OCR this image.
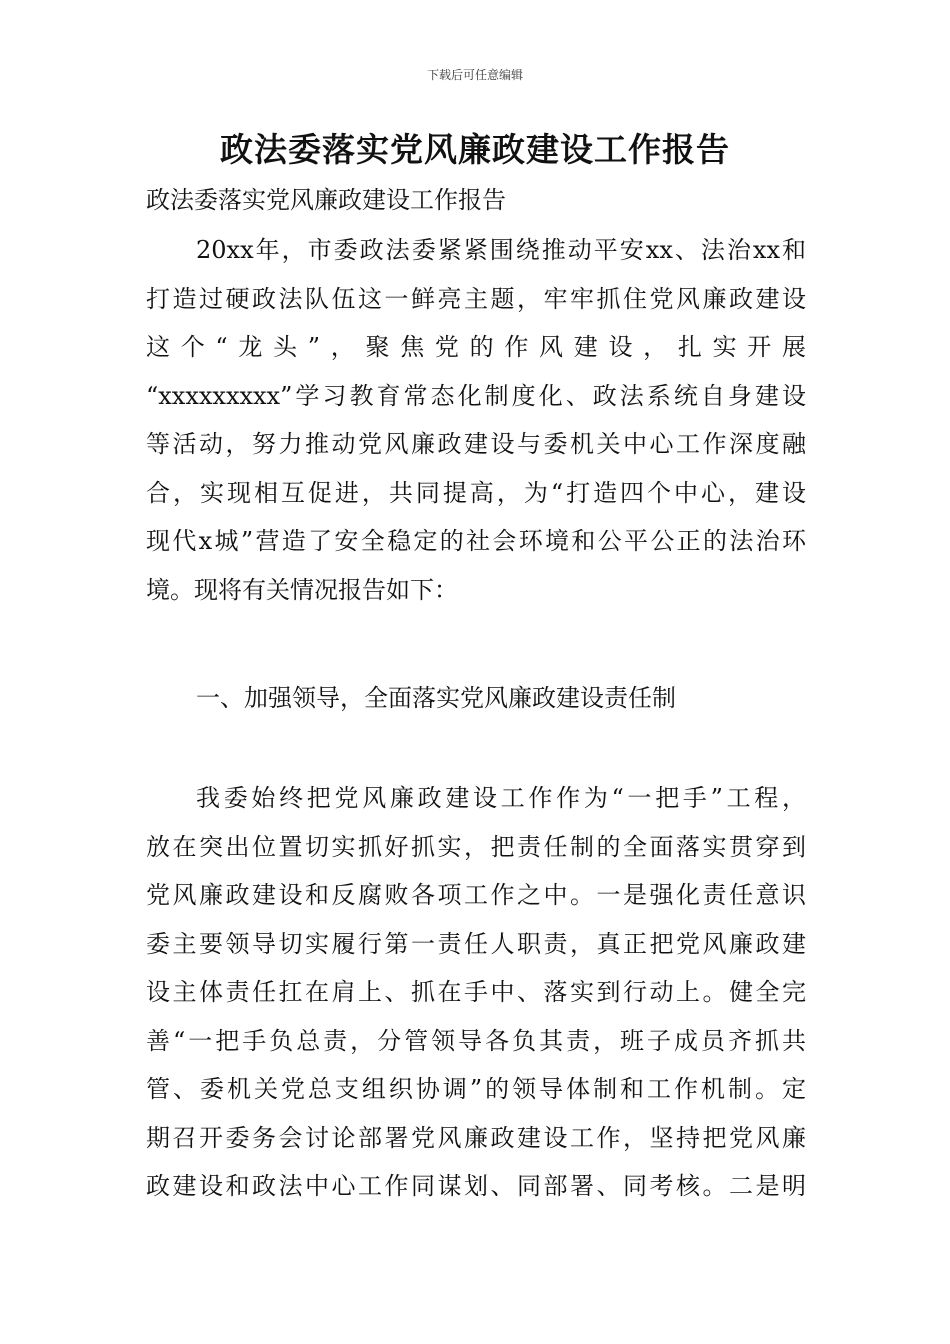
下载后可任意编辑
政法委落实党风廉政建设工作报告
政法委落实党风廉政建设工作报告
20xx年，市委政法委紧紧围绕推动平安xx、法治xx和
打造过硬政法队伍这一鲜亮主题，牢牢抓住党风廉政建设
这个“龙头”，聚焦党的作风建设，扎实开展
“xxxxxxxxx”学习教育常态化制度化、政法系统自身建设
等活动，努力推动党风廉政建设与委机关中心工作深度融
合，实现相互促进，共同提高，为“打造四个中心，建设
现代x城”营造了安全稳定的社会环境和公平公正的法治环
境。现将有关情况报告如下：
一、加强领导，全面落实党风廉政建设责任制
我委始终把党风廉政建设工作作为“一把手”工程，
放在突出位置切实抓好抓实，把责任制的全面落实贯穿到
党风廉政建设和反腐败各项工作之中。一是强化责任意识
委主要领导切实履行第一责任人职责，真正把党风廉政建
设主体责任扛在肩上、抓在手中、落实到行动上。健全完
善“一把手负总责，分管领导各负其责，班子成员齐抓共
管、委机关党总支组织协调”的领导体制和工作机制。定
期召开委务会讨论部署党风廉政建设工作，坚持把党风廉
政建设和政法中心工作同谋划、同部署、同考核。二是明
